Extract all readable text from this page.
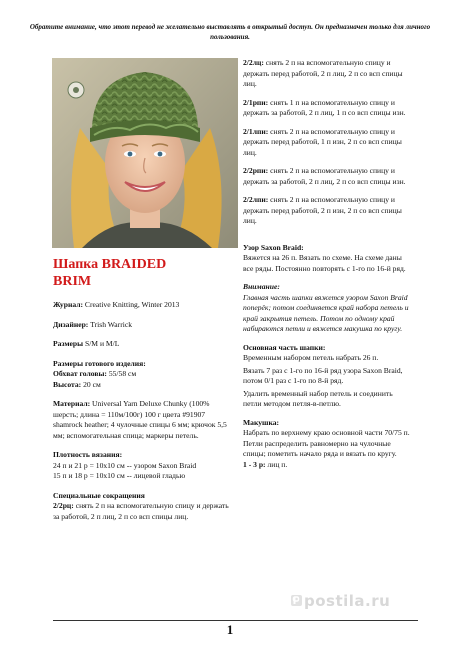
Обратите внимание, что этот перевод не желательно выставлять в открытый доступ. Он предназначен только для личного пользования.
Шапка BRAIDED
BRIM

Журнал: Creative Knitting, Winter 2013

Дизайнер: Trish Warrick

Размеры S/M и M/L

Размеры готового изделия:
Обхват головы: 55/58 см
Высота: 20 см

Материал: Universal Yarn Deluxe Chunky (100% шерсть; длина = 110м/100г) 100 г цвета #91907 shamrock heather; 4 чулочные спицы 6 мм; крючок 5,5 мм; вспомогательная спица; маркеры петель.

Плотность вязания:
24 п и 21 р = 10x10 см -- узором Saxon Braid
15 п и 18 р = 10x10 см -- лицевой гладью

Специальные сокращения
2/2рц: снять 2 п на вспомогательную спицу и держать за работой, 2 п лиц, 2 п со всп спицы лиц.

2/2лц: снять 2 п на вспомогательную спицу и держать перед работой, 2 п лиц, 2 п со всп спицы лиц.

2/1рпи: снять 1 п на вспомогательную спицу и держать за работой, 2 п лиц, 1 п со всп спицы изн.

2/1лпи: снять 2 п на вспомогательную спицу и держать перед работой, 1 п изн, 2 п со всп спицы лиц.

2/2рпи: снять 2 п на вспомогательную спицу и держать за работой, 2 п лиц, 2 п со всп спицы изн.

2/2лпи: снять 2 п на вспомогательную спицу и держать перед работой, 2 п изн, 2 п со всп спицы лиц.

Узор Saxon Braid:
Вяжется на 26 п. Вязать по схеме. На схеме даны все ряды. Постоянно повторять с 1-го по 16-й ряд.

Внимание:
Главная часть шапки вяжется узором Saxon Braid поперёк; потом соединяется край набора петель и край закрытия петель. Потом по одному край набираются петли и вяжется макушка по кругу.

Основная часть шапки:
Временным набором петель набрать 26 п.

Вязать 7 раз с 1-го по 16-й ряд узора Saxon Braid, потом 0/1 раз с 1-го по 8-й ряд.

Удалить временный набор петель и соединить петли методом петля-в-петлю.

Макушка:
Набрать по верхнему краю основной части 70/75 п. Петли распределить равномерно на чулочные спицы; пометить начало ряда и вязать по кругу.
1 - 3 р: лиц п.

postila.ru
1
